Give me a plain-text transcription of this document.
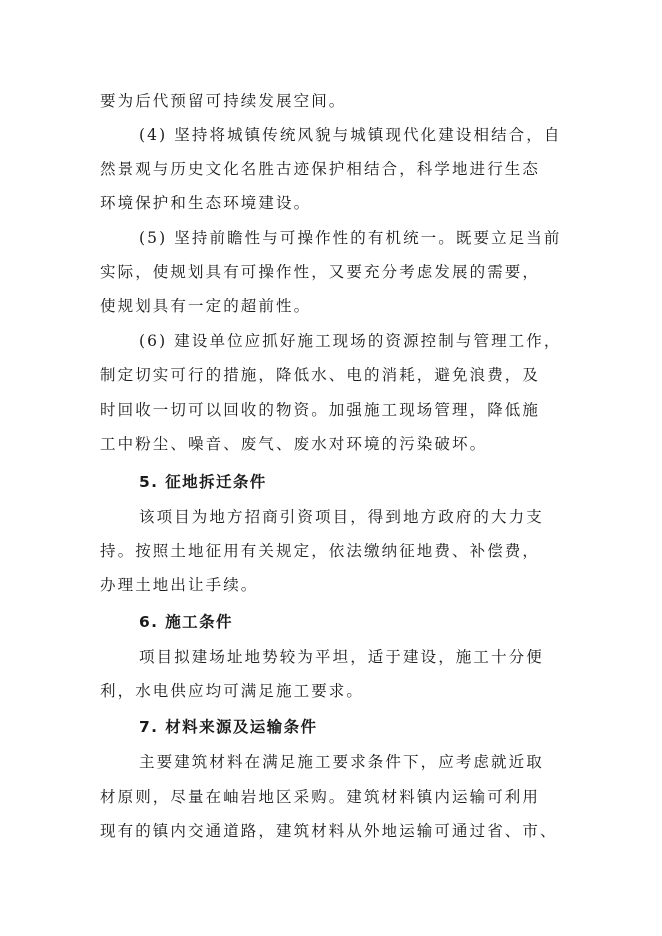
要为后代预留可持续发展空间。
(4) 坚持将城镇传统风貌与城镇现代化建设相结合，自
然景观与历史文化名胜古迹保护相结合，科学地进行生态
环境保护和生态环境建设。
(5) 坚持前瞻性与可操作性的有机统一。既要立足当前
实际，使规划具有可操作性，又要充分考虑发展的需要，
使规划具有一定的超前性。
(6) 建设单位应抓好施工现场的资源控制与管理工作，
制定切实可行的措施，降低水、电的消耗，避免浪费，及
时回收一切可以回收的物资。加强施工现场管理，降低施
工中粉尘、噪音、废气、废水对环境的污染破坏。
5. 征地拆迁条件
该项目为地方招商引资项目，得到地方政府的大力支
持。按照土地征用有关规定，依法缴纳征地费、补偿费，
办理土地出让手续。
6. 施工条件
项目拟建场址地势较为平坦，适于建设，施工十分便
利，水电供应均可满足施工要求。
7. 材料来源及运输条件
主要建筑材料在满足施工要求条件下，应考虑就近取
材原则，尽量在岫岩地区采购。建筑材料镇内运输可利用
现有的镇内交通道路，建筑材料从外地运输可通过省、市、
